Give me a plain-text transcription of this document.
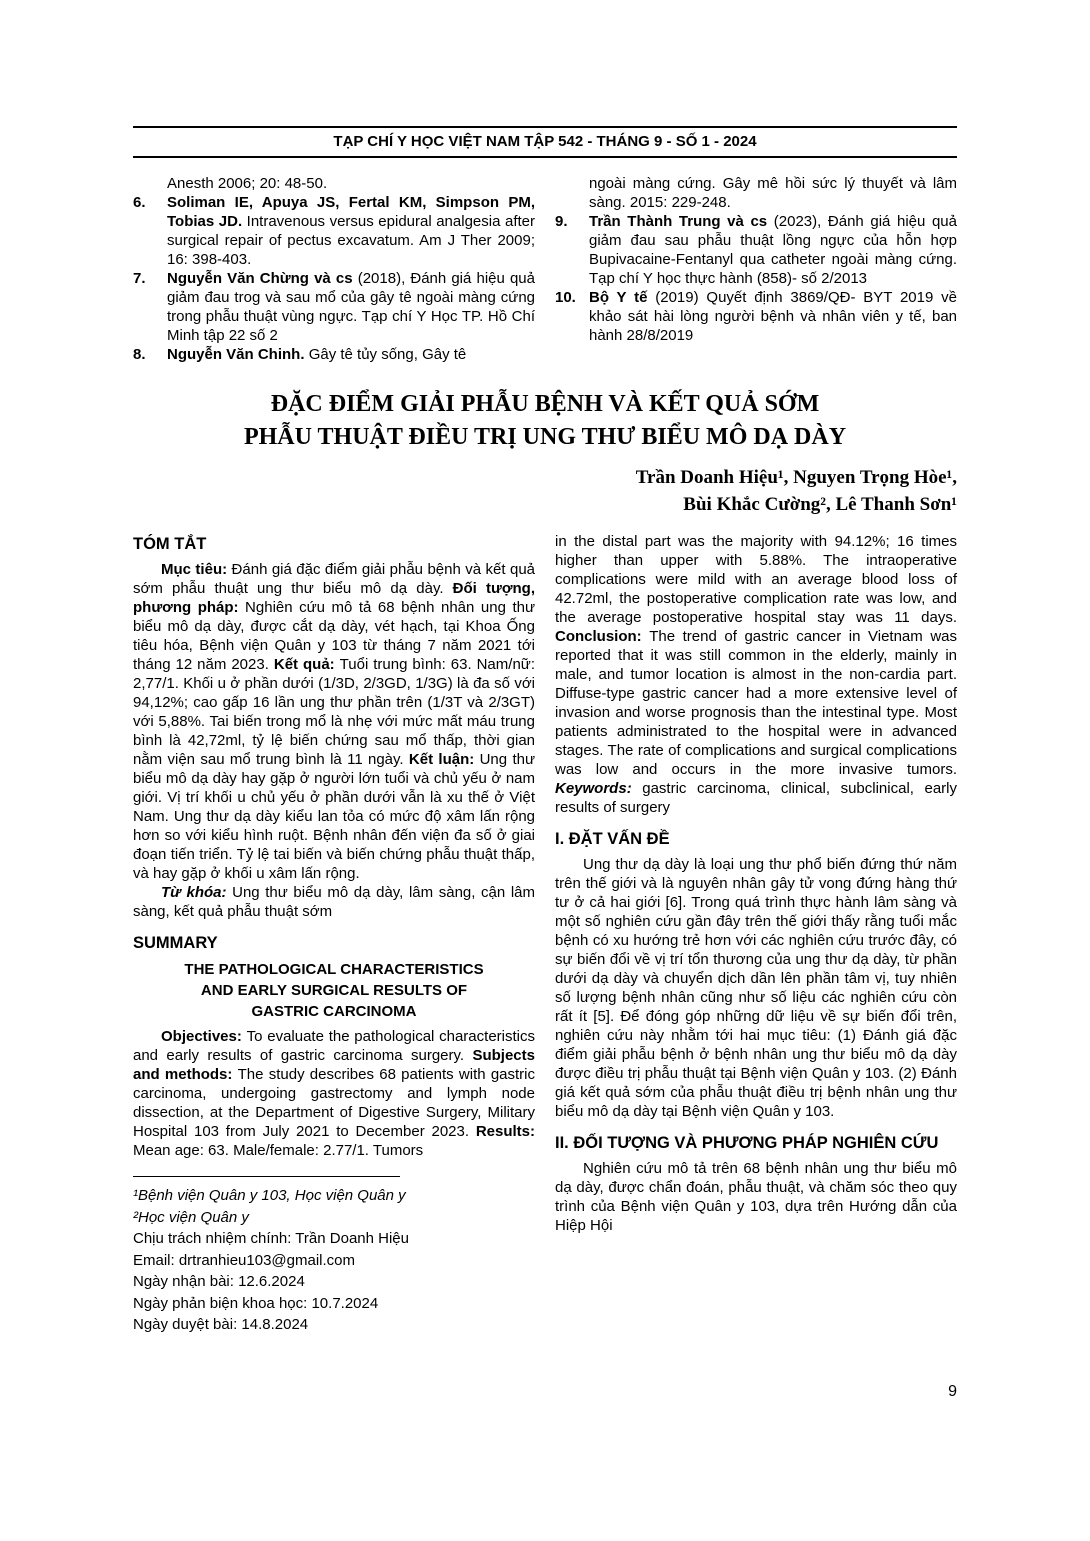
TẠP CHÍ Y HỌC VIỆT NAM TẬP 542 - THÁNG 9 - SỐ 1 - 2024
Anesth 2006; 20: 48-50.
6.	Soliman IE, Apuya JS, Fertal KM, Simpson PM, Tobias JD. Intravenous versus epidural analgesia after surgical repair of pectus excavatum. Am J Ther 2009; 16: 398-403.
7.	Nguyễn Văn Chừng và cs (2018), Đánh giá hiệu quả giảm đau trog và sau mổ của gây tê ngoài màng cứng trong phẫu thuật vùng ngực. Tạp chí Y Học TP. Hồ Chí Minh tập 22 số 2
8.	Nguyễn Văn Chinh. Gây tê tủy sống, Gây tê
ngoài màng cứng. Gây mê hồi sức lý thuyết và lâm sàng. 2015: 229-248.
9.	Trần Thành Trung và cs (2023), Đánh giá hiệu quả giảm đau sau phẫu thuật lồng ngực của hỗn hợp Bupivacaine-Fentanyl qua catheter ngoài màng cứng. Tạp chí Y học thực hành (858)- số 2/2013
10. Bộ Y tế (2019) Quyết định 3869/QĐ- BYT 2019 về khảo sát hài lòng người bệnh và nhân viên y tế, ban hành 28/8/2019
ĐẶC ĐIỂM GIẢI PHẪU BỆNH VÀ KẾT QUẢ SỚM
PHẪU THUẬT ĐIỀU TRỊ UNG THƯ BIỂU MÔ DẠ DÀY
Trần Doanh Hiệu¹, Nguyen Trọng Hòe¹,
Bùi Khắc Cường², Lê Thanh Sơn¹
TÓM TẮT

Mục tiêu: Đánh giá đặc điểm giải phẫu bệnh và kết quả sớm phẫu thuật ung thư biểu mô dạ dày. Đối tượng, phương pháp: Nghiên cứu mô tả 68 bệnh nhân ung thư biểu mô dạ dày, được cắt dạ dày, vét hạch, tại Khoa Ống tiêu hóa, Bệnh viện Quân y 103 từ tháng 7 năm 2021 tới tháng 12 năm 2023. Kết quả: Tuổi trung bình: 63. Nam/nữ: 2,77/1. Khối u ở phần dưới (1/3D, 2/3GD, 1/3G) là đa số với 94,12%; cao gấp 16 lần ung thư phần trên (1/3T và 2/3GT) với 5,88%. Tai biến trong mổ là nhẹ với mức mất máu trung bình là 42,72ml, tỷ lệ biến chứng sau mổ thấp, thời gian nằm viện sau mổ trung bình là 11 ngày. Kết luận: Ung thư biểu mô dạ dày hay gặp ở người lớn tuổi và chủ yếu ở nam giới. Vị trí khối u chủ yếu ở phần dưới vẫn là xu thế ở Việt Nam. Ung thư dạ dày kiểu lan tỏa có mức độ xâm lấn rộng hơn so với kiểu hình ruột. Bệnh nhân đến viện đa số ở giai đoạn tiến triển. Tỷ lệ tai biến và biến chứng phẫu thuật thấp, và hay gặp ở khối u xâm lấn rộng.

Từ khóa: Ung thư biểu mô dạ dày, lâm sàng, cận lâm sàng, kết quả phẫu thuật sớm

SUMMARY
THE PATHOLOGICAL CHARACTERISTICS
AND EARLY SURGICAL RESULTS OF
GASTRIC CARCINOMA

Objectives: To evaluate the pathological characteristics and early results of gastric carcinoma surgery. Subjects and methods: The study describes 68 patients with gastric carcinoma, undergoing gastrectomy and lymph node dissection, at the Department of Digestive Surgery, Military Hospital 103 from July 2021 to December 2023. Results: Mean age: 63. Male/female: 2.77/1. Tumors

¹Bệnh viện Quân y 103, Học viện Quân y

²Học viện Quân y

Chịu trách nhiệm chính: Trần Doanh Hiệu

Email: drtranhieu103@gmail.com

Ngày nhận bài: 12.6.2024

Ngày phản biện khoa học: 10.7.2024

Ngày duyệt bài: 14.8.2024

in the distal part was the majority with 94.12%; 16 times higher than upper with 5.88%. The intraoperative complications were mild with an average blood loss of 42.72ml, the postoperative complication rate was low, and the average postoperative hospital stay was 11 days. Conclusion: The trend of gastric cancer in Vietnam was reported that it was still common in the elderly, mainly in male, and tumor location is almost in the non-cardia part. Diffuse-type gastric cancer had a more extensive level of invasion and worse prognosis than the intestinal type. Most patients administrated to the hospital were in advanced stages. The rate of complications and surgical complications was low and occurs in the more invasive tumors. Keywords: gastric carcinoma, clinical, subclinical, early results of surgery

I. ĐẶT VẤN ĐỀ

Ung thư dạ dày là loại ung thư phổ biến đứng thứ năm trên thế giới và là nguyên nhân gây tử vong đứng hàng thứ tư ở cả hai giới [6]. Trong quá trình thực hành lâm sàng và một số nghiên cứu gần đây trên thế giới thấy rằng tuổi mắc bệnh có xu hướng trẻ hơn với các nghiên cứu trước đây, có sự biến đổi về vị trí tổn thương của ung thư dạ dày, từ phần dưới dạ dày và chuyển dịch dần lên phần tâm vị, tuy nhiên số lượng bệnh nhân cũng như số liệu các nghiên cứu còn rất ít [5]. Để đóng góp những dữ liệu về sự biến đổi trên, nghiên cứu này nhằm tới hai mục tiêu: (1) Đánh giá đặc điểm giải phẫu bệnh ở bệnh nhân ung thư biểu mô dạ dày được điều trị phẫu thuật tại Bệnh viện Quân y 103. (2) Đánh giá kết quả sớm của phẫu thuật điều trị bệnh nhân ung thư biểu mô dạ dày tại Bệnh viện Quân y 103.

II. ĐỐI TƯỢNG VÀ PHƯƠNG PHÁP NGHIÊN CỨU

Nghiên cứu mô tả trên 68 bệnh nhân ung thư biểu mô dạ dày, được chẩn đoán, phẫu thuật, và chăm sóc theo quy trình của Bệnh viện Quân y 103, dựa trên Hướng dẫn của Hiệp Hội

9
